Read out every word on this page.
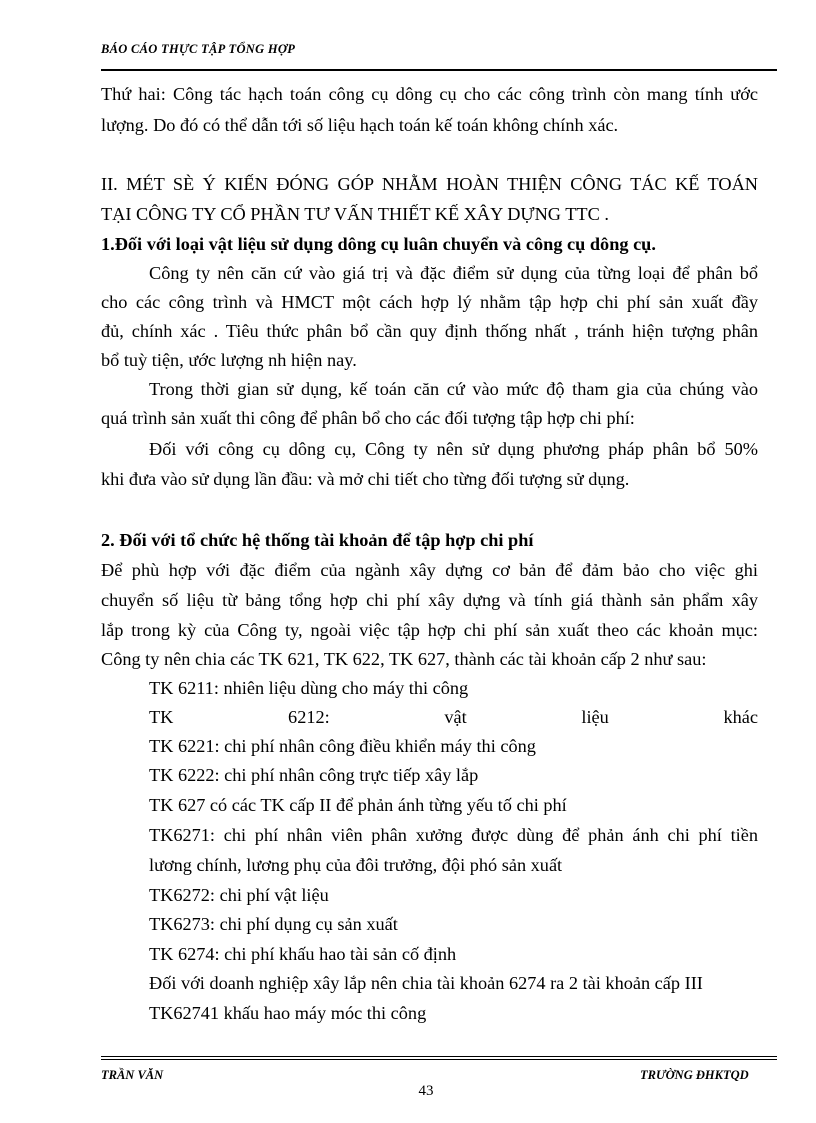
BÁO CÁO THỰC TẬP TỔNG HỢP
Thứ hai: Công tác hạch toán công cụ dông cụ cho các công trình còn mang tính ước
lượng. Do đó có thể dẫn tới số liệu hạch toán kế toán không chính xác.
II. MÉT SÈ Ý KIẾN ĐÓNG GÓP NHẰM HOÀN THIỆN CÔNG TÁC KẾ TOÁN
TẠI CÔNG TY CỔ PHẦN TƯ VẤN THIẾT KẾ XÂY DỰNG TTC .
1.Đối với loại vật liệu sử dụng dông cụ luân chuyển và công cụ dông cụ.
Công ty nên căn cứ vào giá trị và đặc điểm sử dụng của từng loại để phân bổ
cho các công trình và HMCT một cách hợp lý nhằm tập hợp chi phí sản xuất đầy
đủ, chính xác . Tiêu thức phân bổ cần quy định thống nhất , tránh hiện tượng phân
bổ tuỳ tiện, ước lượng nh hiện nay.
Trong thời gian sử dụng, kế toán căn cứ vào mức độ tham gia của chúng vào
quá trình sản xuất thi công để phân bổ cho các đối tượng tập hợp chi phí:
Đối với công cụ dông cụ, Công ty nên sử dụng phương pháp phân bổ 50%
khi đưa vào sử dụng lần đầu: và mở chi tiết cho từng đối tượng sử dụng.
2. Đối với tổ chức hệ thống tài khoản để tập hợp chi phí
Để phù hợp với đặc điểm của ngành xây dựng cơ bản để đảm bảo cho việc ghi
chuyển số liệu từ bảng tổng hợp chi phí xây dựng và tính giá thành sản phẩm xây
lắp trong kỳ của Công ty, ngoài việc tập hợp chi phí sản xuất theo các khoản mục:
Công ty nên chia các TK 621, TK 622, TK 627, thành các tài khoản cấp 2 như sau:
TK 6211: nhiên liệu dùng cho máy thi công
TK	6212:	vật	liệu	khác
TK 6221: chi phí nhân công điều khiển máy thi công
TK 6222: chi phí nhân công trực tiếp xây lắp
TK 627 có các TK cấp II để phản ánh từng yếu tố chi phí
TK6271: chi phí nhân viên phân xưởng được dùng để phản ánh chi phí tiền
lương chính, lương phụ của đôi trưởng, đội phó sản xuất
TK6272: chi phí vật liệu
TK6273: chi phí dụng cụ sản xuất
TK 6274: chi phí khấu hao tài sản cố định
Đối với doanh nghiệp xây lắp nên chia tài khoản 6274 ra 2 tài khoản cấp III
TK62741 khấu hao máy móc thi công
TRẦN VĂN	TRƯỜNG ĐHKTQD
43
